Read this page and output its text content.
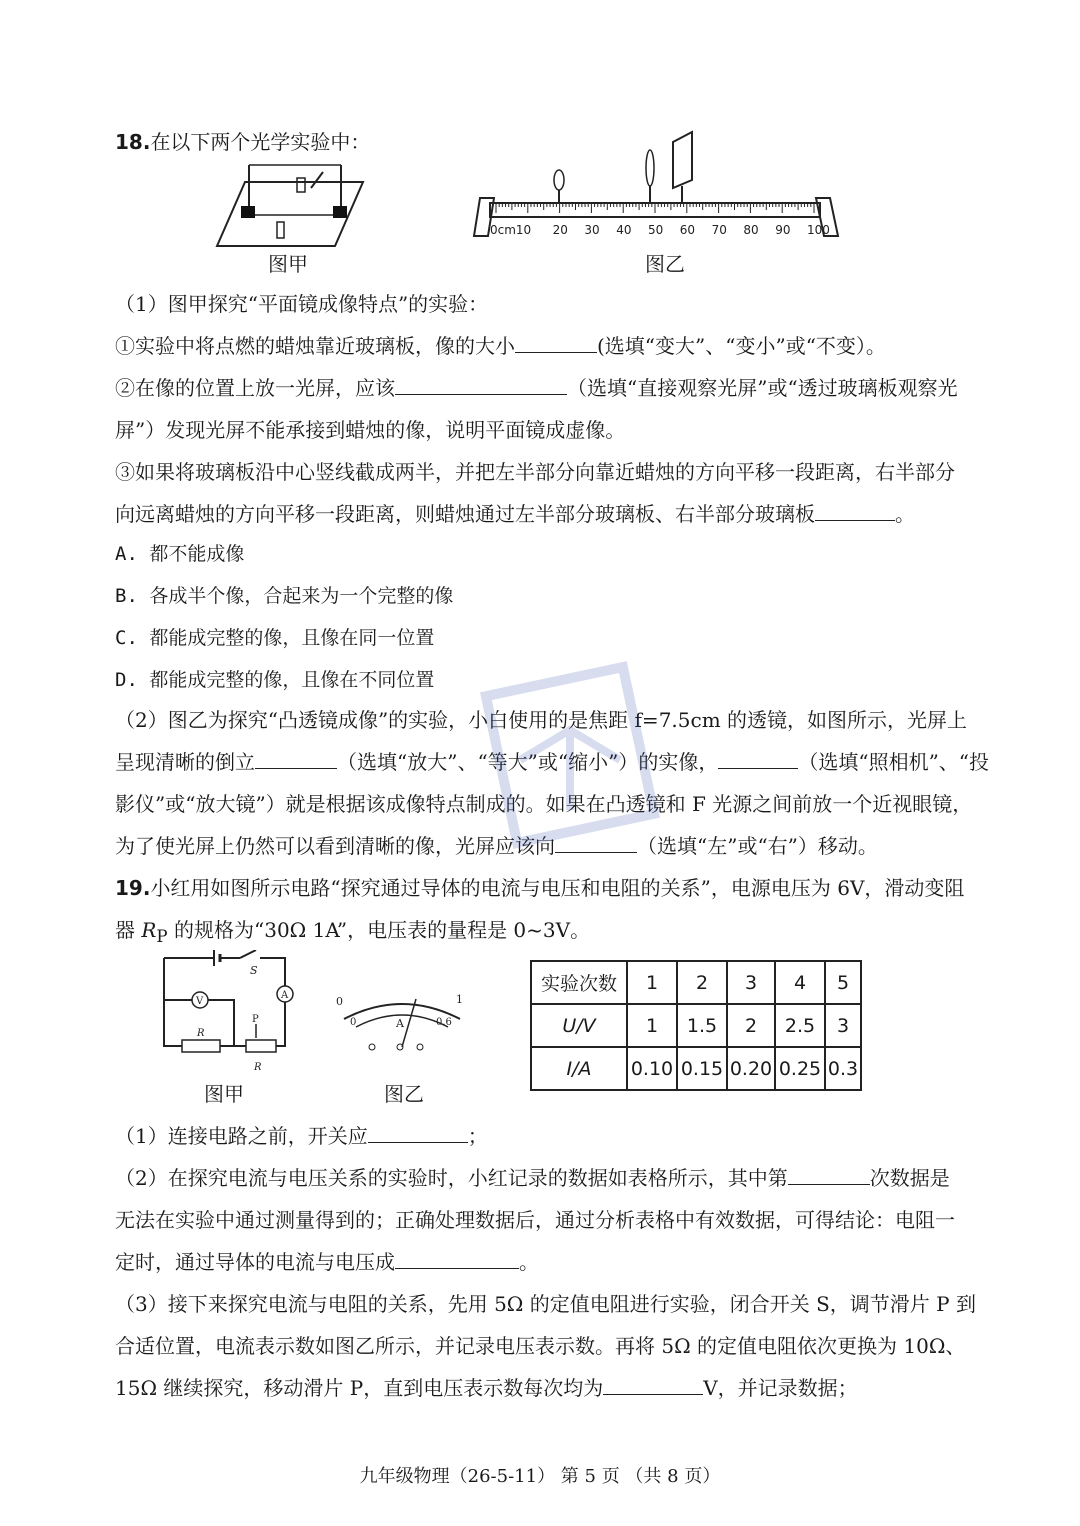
18.在以下两个光学实验中：
图甲
0cm10 20 30 40 50 60 70 80 90 100
图乙
（1）图甲探究“平面镜成像特点”的实验：
①实验中将点燃的蜡烛靠近玻璃板，像的大小	(选填“变大”、“变小”或“不变）。
②在像的位置上放一光屏，应该	（选填“直接观察光屏”或“透过玻璃板观察光
屏”）发现光屏不能承接到蜡烛的像，说明平面镜成虚像。
③如果将玻璃板沿中心竖线截成两半，并把左半部分向靠近蜡烛的方向平移一段距离，右半部分
向远离蜡烛的方向平移一段距离，则蜡烛通过左半部分玻璃板、右半部分玻璃板	。
A. 都不能成像
B. 各成半个像，合起来为一个完整的像
C. 都能成完整的像，且像在同一位置
D. 都能成完整的像，且像在不同位置
（2）图乙为探究“凸透镜成像”的实验，小白使用的是焦距 f=7.5cm 的透镜，如图所示，光屏上
呈现清晰的倒立	（选填“放大”、“等大”或“缩小”）的实像，	（选填“照相机”、“投
影仪”或“放大镜”）就是根据该成像特点制成的。如果在凸透镜和 F 光源之间前放一个近视眼镜，
为了使光屏上仍然可以看到清晰的像，光屏应该向	（选填“左”或“右”）移动。
19.小红用如图所示电路“探究通过导体的电流与电压和电阻的关系”，电源电压为 6V，滑动变阻
器 $R_P$ 的规格为“30Ω 1A”，电压表的量程是 0~3V。
S
A
R
R
P
V
图甲
0	1
0	0.6
A
图乙
实验次数	1	2	3	4	5
U/V	1	1.5	2	2.5	3
I/A	0.10	0.15	0.20	0.25	0.3
（1）连接电路之前，开关应	；
（2）在探究电流与电压关系的实验时，小红记录的数据如表格所示，其中第	次数据是
无法在实验中通过测量得到的；正确处理数据后，通过分析表格中有效数据，可得结论：电阻一
定时，通过导体的电流与电压成	。
（3）接下来探究电流与电阻的关系，先用 5Ω 的定值电阻进行实验，闭合开关 S，调节滑片 P 到
合适位置，电流表示数如图乙所示，并记录电压表示数。再将 5Ω 的定值电阻依次更换为 10Ω、
15Ω 继续探究，移动滑片 P，直到电压表示数每次均为	V，并记录数据；
九年级物理（26-5-11） 第 5 页 （共 8 页）
